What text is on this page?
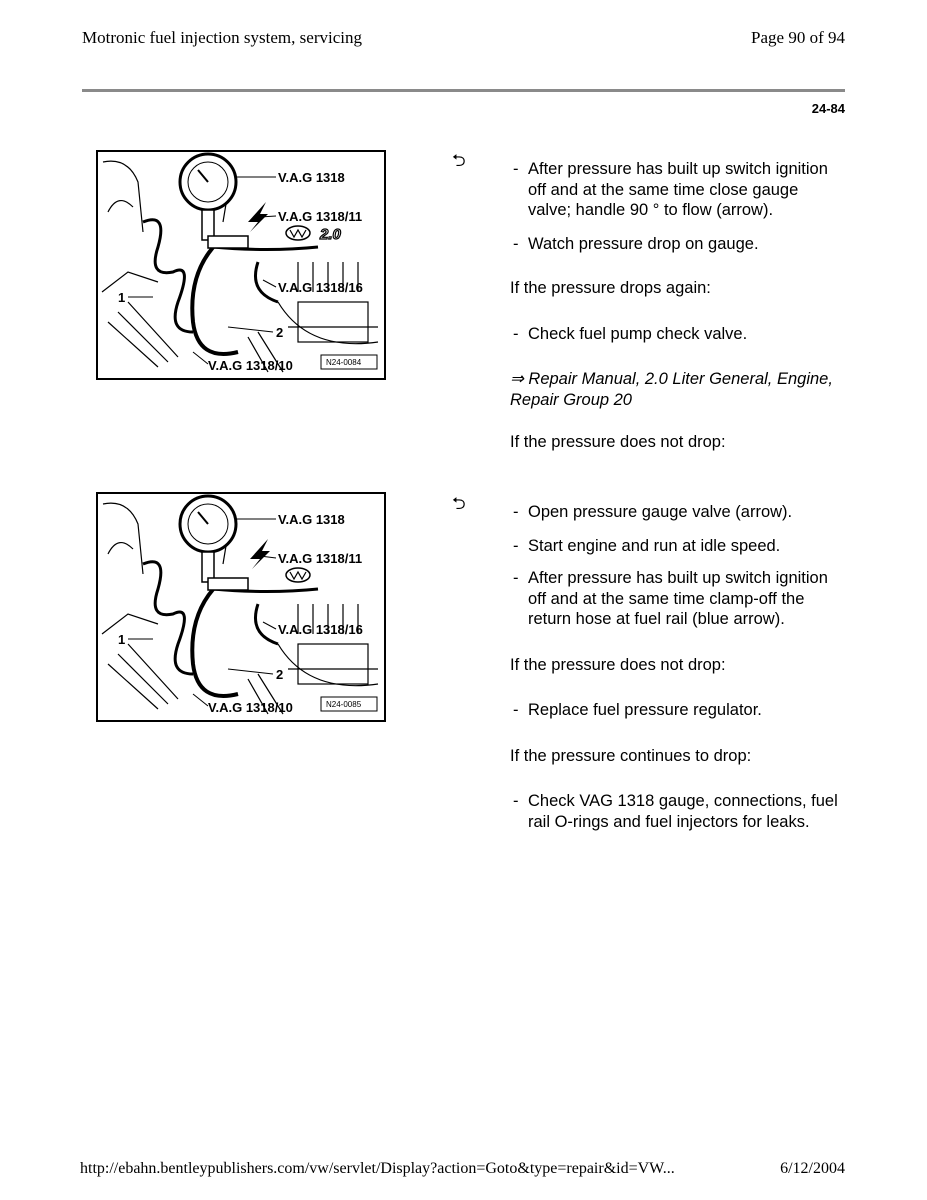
Motronic fuel injection system, servicing	Page 90 of 94
24-84
V.A.G 1318
V.A.G 1318/11
V.A.G 1318/16
V.A.G 1318/10
1
2
2.0
N24-0084
V.A.G 1318
V.A.G 1318/11
V.A.G 1318/16
V.A.G 1318/10
1
2
N24-0085
⮌
⮌

- After pressure has built up switch ignition off and at the same time close gauge valve; handle 90 ° to flow (arrow).

- Watch pressure drop on gauge.

If the pressure drops again:

- Check fuel pump check valve.

⇒ Repair Manual, 2.0 Liter General, Engine, Repair Group 20

If the pressure does not drop:

- Open pressure gauge valve (arrow).

- Start engine and run at idle speed.

- After pressure has built up switch ignition off and at the same time clamp-off the return hose at fuel rail (blue arrow).

If the pressure does not drop:

- Replace fuel pressure regulator.

If the pressure continues to drop:

- Check VAG 1318 gauge, connections, fuel rail O-rings and fuel injectors for leaks.

http://ebahn.bentleypublishers.com/vw/servlet/Display?action=Goto&type=repair&id=VW...	6/12/2004
